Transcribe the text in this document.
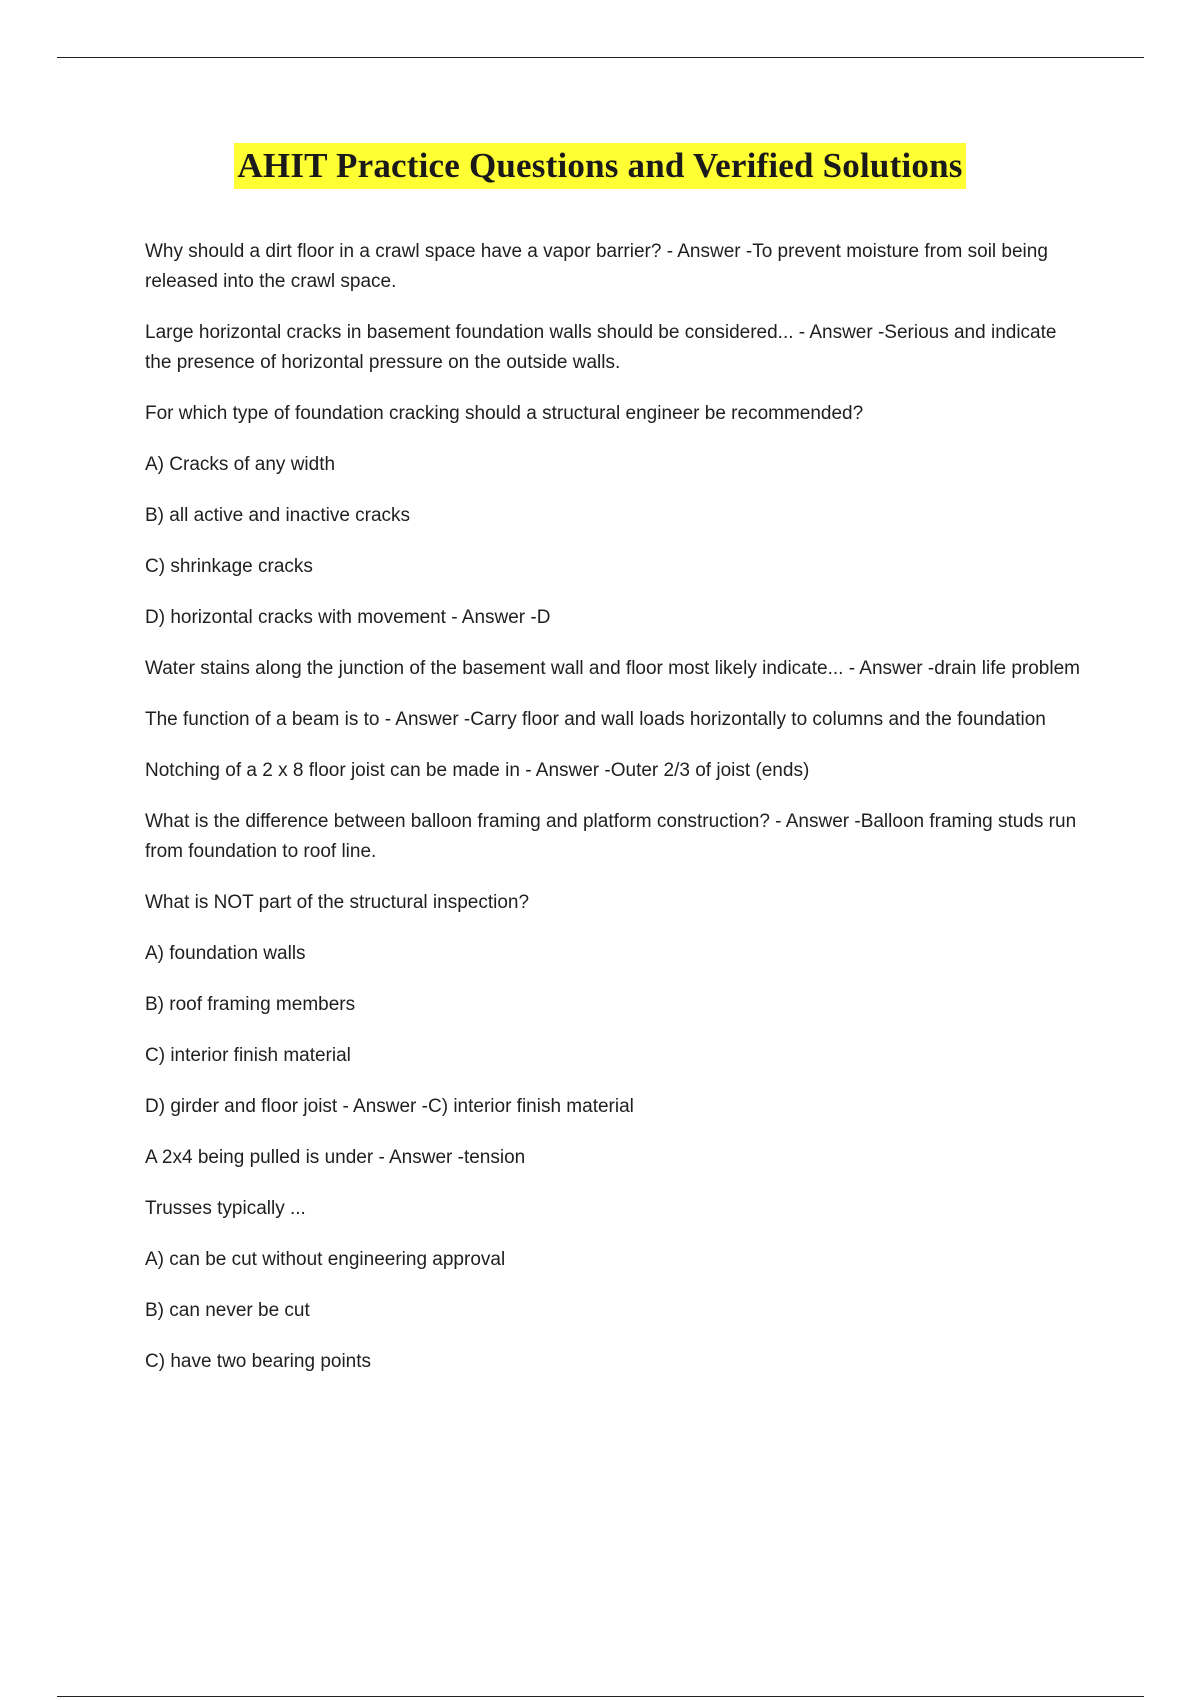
AHIT Practice Questions and Verified Solutions

Why should a dirt floor in a crawl space have a vapor barrier? - Answer -To prevent moisture from soil being released into the crawl space.

Large horizontal cracks in basement foundation walls should be considered... - Answer -Serious and indicate the presence of horizontal pressure on the outside walls.

For which type of foundation cracking should a structural engineer be recommended?

A) Cracks of any width

B) all active and inactive cracks

C) shrinkage cracks

D) horizontal cracks with movement - Answer -D

Water stains along the junction of the basement wall and floor most likely indicate... - Answer -drain life problem

The function of a beam is to - Answer -Carry floor and wall loads horizontally to columns and the foundation

Notching of a 2 x 8 floor joist can be made in - Answer -Outer 2/3 of joist (ends)

What is the difference between balloon framing and platform construction? - Answer -Balloon framing studs run from foundation to roof line.

What is NOT part of the structural inspection?

A) foundation walls

B) roof framing members

C) interior finish material

D) girder and floor joist - Answer -C) interior finish material

A 2x4 being pulled is under - Answer -tension

Trusses typically ...

A) can be cut without engineering approval

B) can never be cut

C) have two bearing points
